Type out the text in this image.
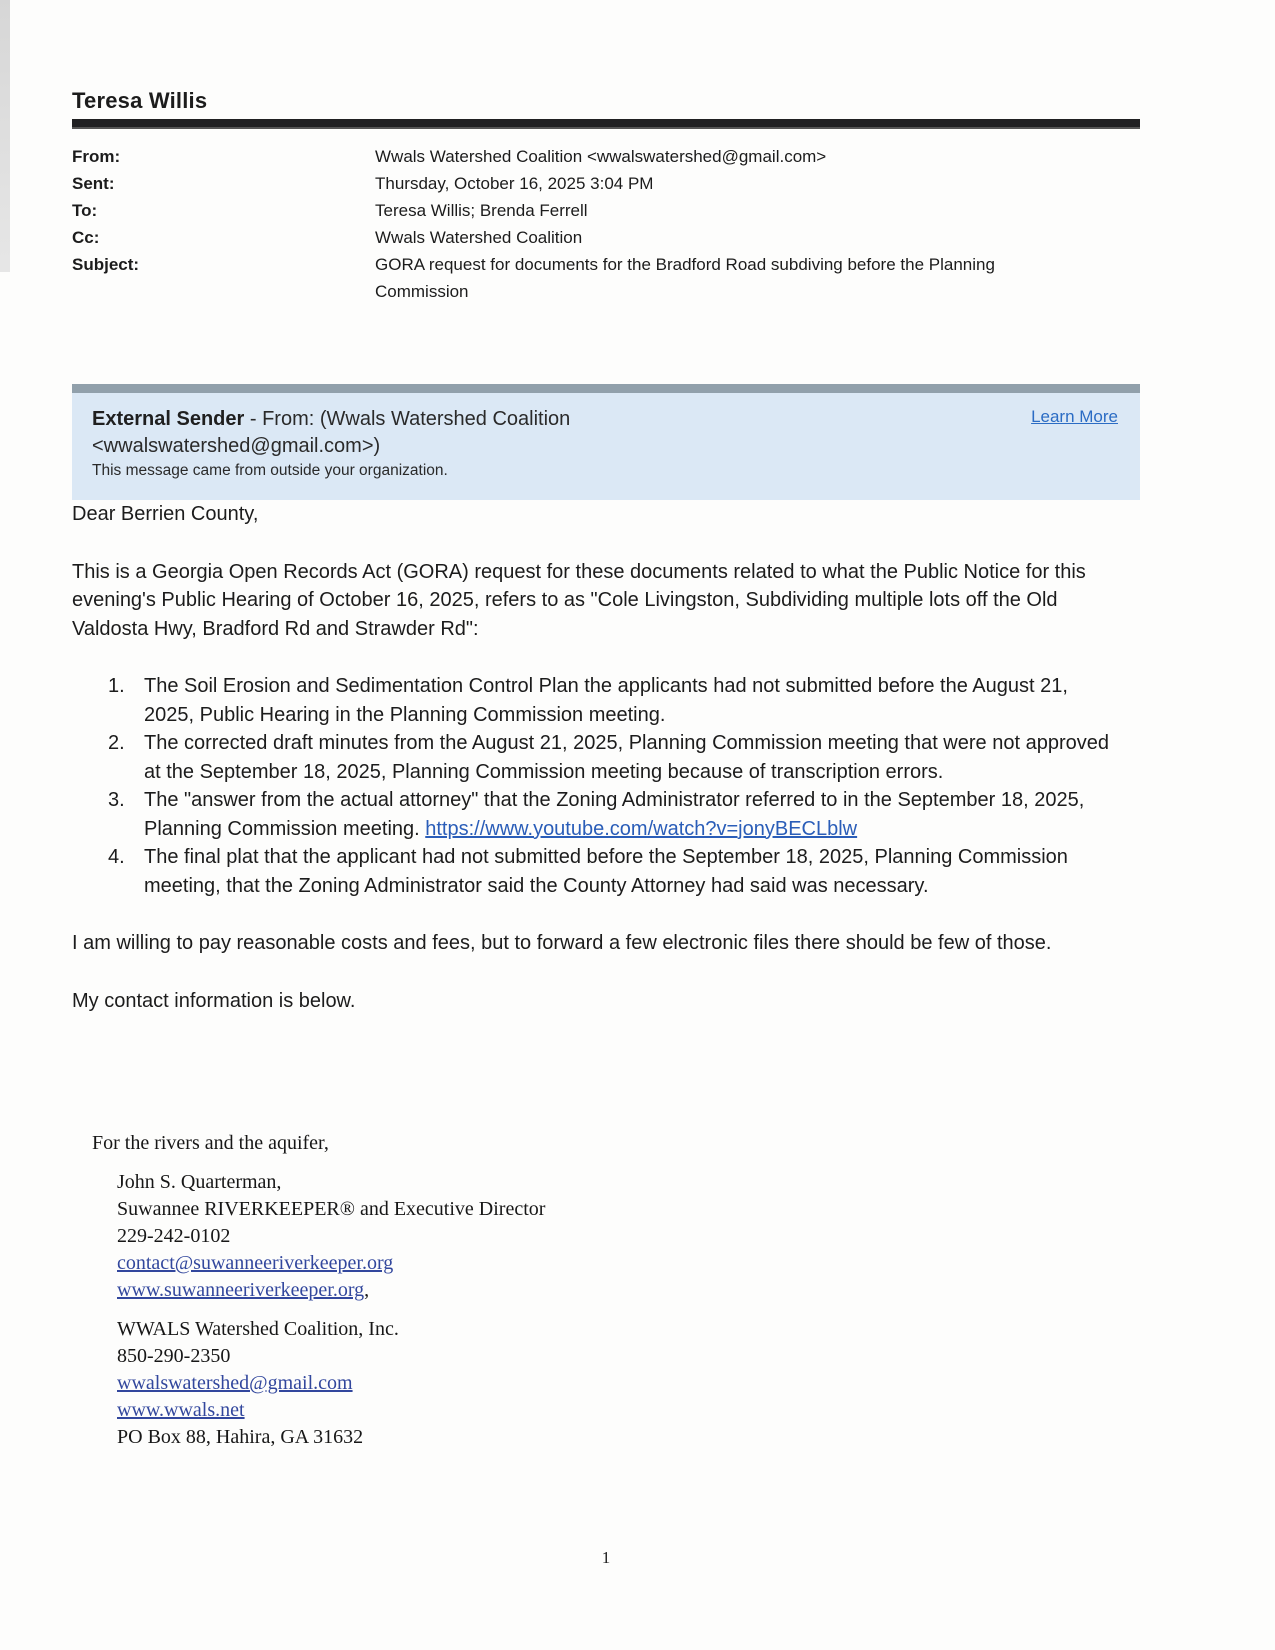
Teresa Willis
From:	Wwals Watershed Coalition <wwalswatershed@gmail.com>
Sent:	Thursday, October 16, 2025 3:04 PM
To:	Teresa Willis; Brenda Ferrell
Cc:	Wwals Watershed Coalition
Subject:	GORA request for documents for the Bradford Road subdiving before the Planning Commission
External Sender - From: (Wwals Watershed Coalition <wwalswatershed@gmail.com>)
This message came from outside your organization.
Learn More

Dear Berrien County,

This is a Georgia Open Records Act (GORA) request for these documents related to what the Public Notice for this evening's Public Hearing of October 16, 2025, refers to as "Cole Livingston, Subdividing multiple lots off the Old Valdosta Hwy, Bradford Rd and Strawder Rd":

1. The Soil Erosion and Sedimentation Control Plan the applicants had not submitted before the August 21, 2025, Public Hearing in the Planning Commission meeting.
2. The corrected draft minutes from the August 21, 2025, Planning Commission meeting that were not approved at the September 18, 2025, Planning Commission meeting because of transcription errors.
3. The "answer from the actual attorney" that the Zoning Administrator referred to in the September 18, 2025, Planning Commission meeting. https://www.youtube.com/watch?v=jonyBECLblw
4. The final plat that the applicant had not submitted before the September 18, 2025, Planning Commission meeting, that the Zoning Administrator said the County Attorney had said was necessary.

I am willing to pay reasonable costs and fees, but to forward a few electronic files there should be few of those.

My contact information is below.

For the rivers and the aquifer,
John S. Quarterman,
Suwannee RIVERKEEPER® and Executive Director
229-242-0102
contact@suwanneeriverkeeper.org
www.suwanneeriverkeeper.org,
WWALS Watershed Coalition, Inc.
850-290-2350
wwalswatershed@gmail.com
www.wwals.net
PO Box 88, Hahira, GA 31632
1
